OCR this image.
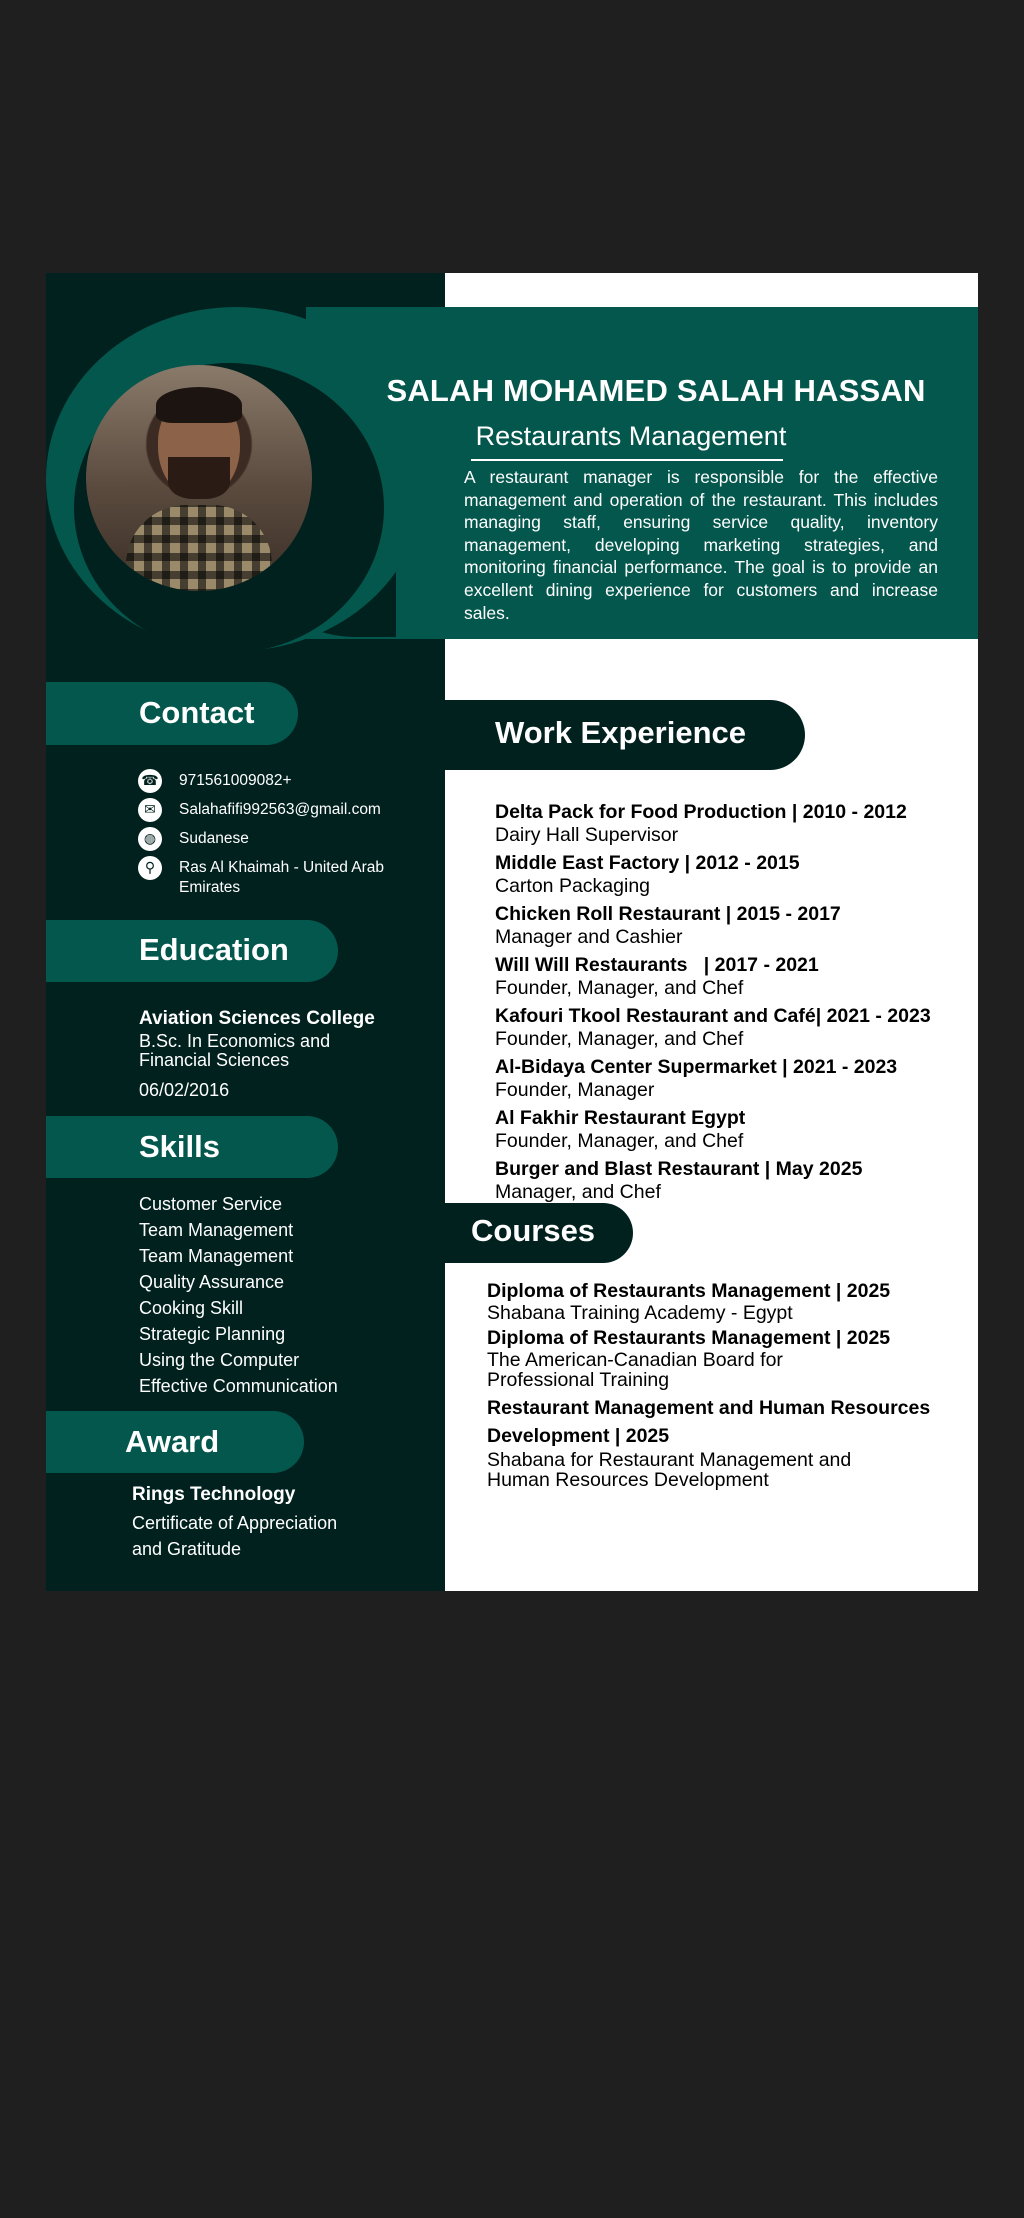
SALAH MOHAMED SALAH HASSAN

Restaurants Management

A restaurant manager is responsible for the effective management and operation of the restaurant. This includes managing staff, ensuring service quality, inventory management, developing marketing strategies, and monitoring financial performance. The goal is to provide an excellent dining experience for customers and increase sales.

Contact
☎ 971561009082+
✉	Salahafifi992563@gmail.com
◍	Sudanese
⚲	Ras Al Khaimah - United Arab Emirates
Education

Aviation Sciences College

B.Sc. In Economics and Financial Sciences

06/02/2016

Skills

Customer Service

Team Management

Team Management

Quality Assurance

Cooking Skill

Strategic Planning

Using the Computer

Effective Communication

Award

Rings Technology

Certificate of Appreciation and Gratitude

Work Experience

Delta Pack for Food Production | 2010 - 2012

Dairy Hall Supervisor

Middle East Factory | 2012 - 2015

Carton Packaging

Chicken Roll Restaurant | 2015 - 2017

Manager and Cashier

Will Will Restaurants   | 2017 - 2021

Founder, Manager, and Chef

Kafouri Tkool Restaurant and Café| 2021 - 2023

Founder, Manager, and Chef

Al-Bidaya Center Supermarket | 2021 - 2023

Founder, Manager

Al Fakhir Restaurant Egypt

Founder, Manager, and Chef

Burger and Blast Restaurant | May 2025

Manager, and Chef

Courses

Diploma of Restaurants Management | 2025

Shabana Training Academy - Egypt

Diploma of Restaurants Management | 2025

The American-Canadian Board for Professional Training

Restaurant Management and Human Resources Development | 2025

Shabana for Restaurant Management and Human Resources Development
